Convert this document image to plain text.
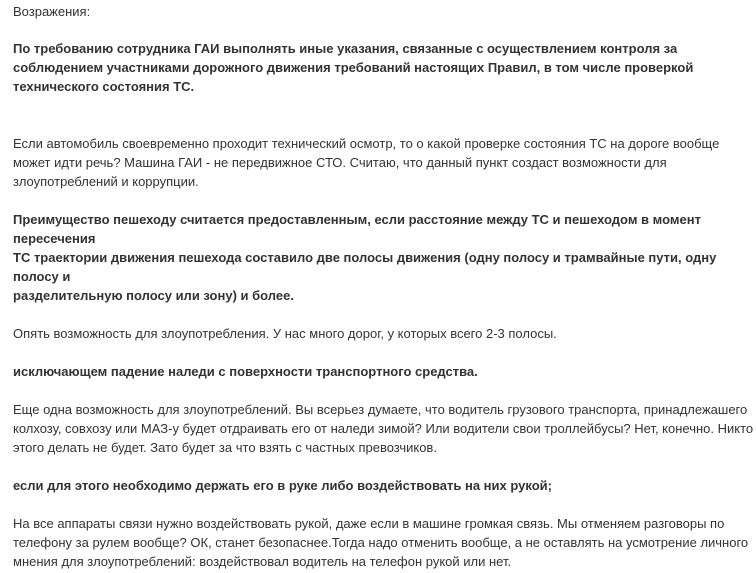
Возражения:
По требованию сотрудника ГАИ выполнять иные указания, связанные с осуществлением контроля за
соблюдением участниками дорожного движения требований настоящих Правил, в том числе проверкой
технического состояния ТС.
Если автомобиль своевременно проходит технический осмотр, то о какой проверке состояния ТС на дороге вообще
может идти речь? Машина ГАИ - не передвижное СТО. Считаю, что данный пункт создаст возможности для
злоупотреблений и коррупции.
Преимущество пешеходу считается предоставленным, если расстояние между ТС и пешеходом в момент
пересечения
ТС траектории движения пешехода составило две полосы движения (одну полосу и трамвайные пути, одну
полосу и
разделительную полосу или зону) и более.
Опять возможность для злоупотребления. У нас много дорог, у которых всего 2-3 полосы.
исключающем падение наледи с поверхности транспортного средства.
Еще одна возможность для злоупотреблений. Вы всерьез думаете, что водитель грузового транспорта, принадлежашего
колхозу, совхозу или МАЗ-у будет отдраивать его от наледи зимой? Или водители свои троллейбусы? Нет, конечно. Никто
этого делать не будет. Зато будет за что взять с частных превозчиков.
если для этого необходимо держать его в руке либо воздействовать на них рукой;
На все аппараты связи нужно воздействовать рукой, даже если в машине громкая связь. Мы отменяем разговоры по
телефону за рулем вообще? ОК, станет безопаснее.Тогда надо отменить вообще, а не оставлять на усмотрение личного
мнения для злоупотреблений: воздействовал водитель на телефон рукой или нет.
